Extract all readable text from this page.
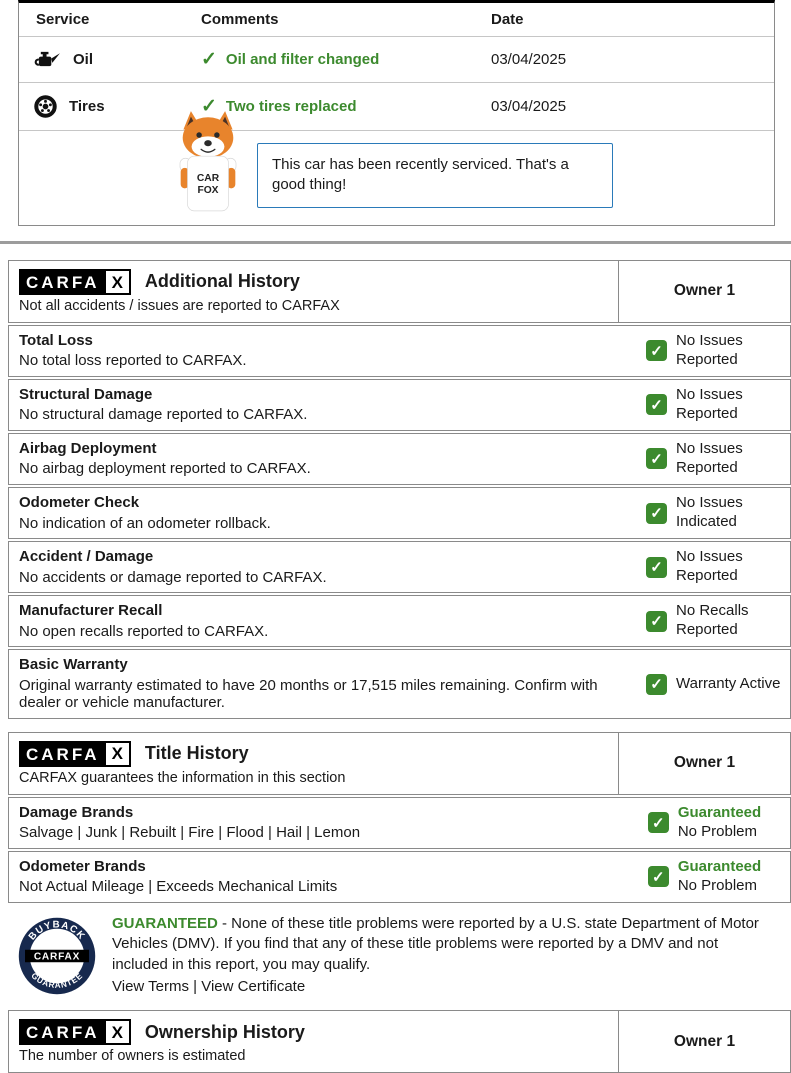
Service	Comments	Date
Oil	✓ Oil and filter changed	03/04/2025
Tires	✓ Two tires replaced	03/04/2025
CAR
FOX
This car has been recently serviced. That's a good thing!
CARFA X	Additional History
Not all accidents / issues are reported to CARFAX
Owner 1
Total Loss
No total loss reported to CARFAX.
✓
No Issues
Reported
Structural Damage
No structural damage reported to CARFAX.
✓
No Issues
Reported
Airbag Deployment
No airbag deployment reported to CARFAX.
✓
No Issues
Reported
Odometer Check
No indication of an odometer rollback.
✓
No Issues
Indicated
Accident / Damage
No accidents or damage reported to CARFAX.
✓
No Issues
Reported
Manufacturer Recall
No open recalls reported to CARFAX.
✓
No Recalls
Reported
Basic Warranty
Original warranty estimated to have 20 months or 17,515 miles remaining. Confirm with dealer or vehicle manufacturer.
✓ Warranty Active
CARFA X	Title History
CARFAX guarantees the information in this section
Owner 1
Damage Brands
Salvage | Junk | Rebuilt | Fire | Flood | Hail | Lemon
✓
Guaranteed
No Problem
Odometer Brands
Not Actual Mileage | Exceeds Mechanical Limits
✓
Guaranteed
No Problem
BUYBACK
CARFAX
GUARANTEE
GUARANTEED - None of these title problems were reported by a U.S. state Department of Motor Vehicles (DMV). If you find that any of these title problems were reported by a DMV and not included in this report, you may qualify.
View Terms | View Certificate
CARFA X	Ownership History
The number of owners is estimated
Owner 1
